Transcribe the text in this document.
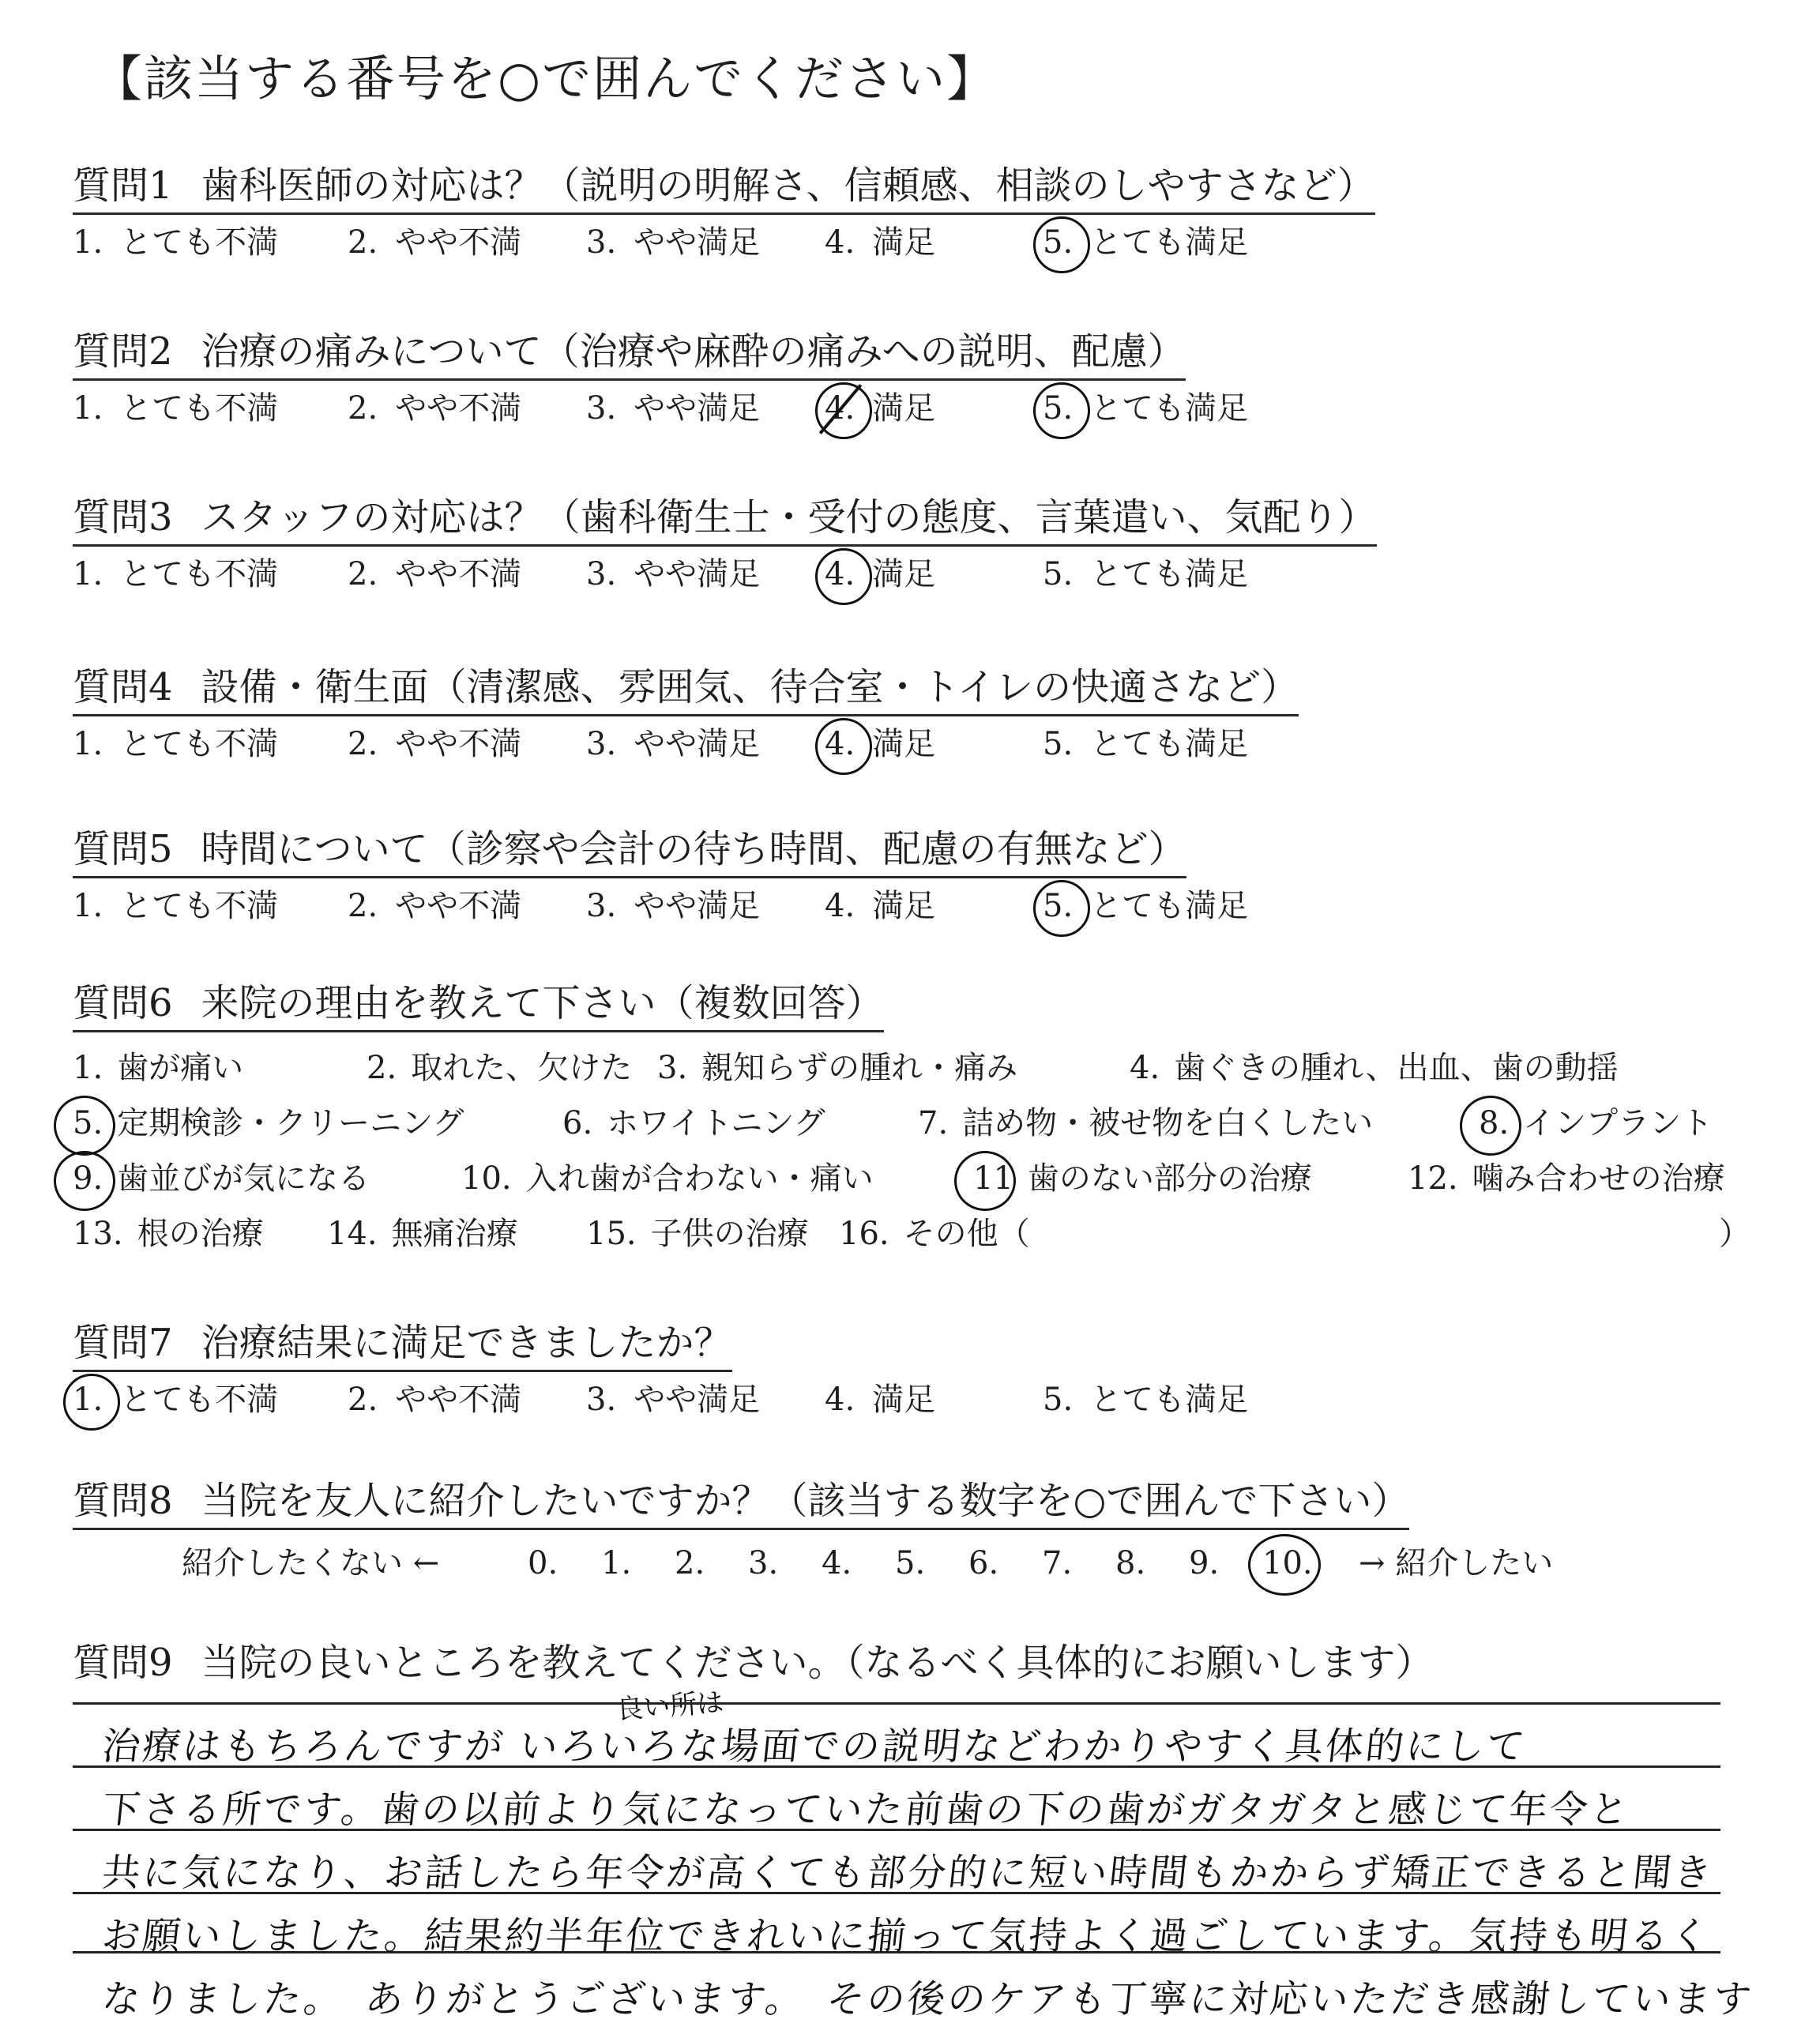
【該当する番号を○で囲んでください】
質問1 歯科医師の対応は？（説明の明解さ、信頼感、相談のしやすさなど）
1. とても不満 2. やや不満 3. やや満足 4. 満足	5. とても満足
質問2 治療の痛みについて（治療や麻酔の痛みへの説明、配慮）
1. とても不満 2. やや不満 3. やや満足 4. 満足	5. とても満足
質問3 スタッフの対応は？（歯科衛生士・受付の態度、言葉遣い、気配り）
1. とても不満 2. やや不満 3. やや満足 4. 満足	5. とても満足
質問4 設備・衛生面（清潔感、雰囲気、待合室・トイレの快適さなど）
1. とても不満 2. やや不満 3. やや満足 4. 満足	5. とても満足
質問5 時間について（診察や会計の待ち時間、配慮の有無など）
1. とても不満 2. やや不満 3. やや満足 4. 満足	5. とても満足
質問7 治療結果に満足できましたか？
1. とても不満 2. やや不満 3. やや満足 4. 満足	5. とても満足
質問6 来院の理由を教えて下さい（複数回答）
1. 歯が痛い	2. 取れた、欠けた 3. 親知らずの腫れ・痛み	4. 歯ぐきの腫れ、出血、歯の動揺
5. 定期検診・クリーニング	6. ホワイトニング	7. 詰め物・被せ物を白くしたい	8. インプラント
9. 歯並びが気になる	10. 入れ歯が合わない・痛い	11 歯のない部分の治療	12. 噛み合わせの治療
13. 根の治療 14. 無痛治療 15. 子供の治療 16. その他（	）
質問8 当院を友人に紹介したいですか？（該当する数字を○で囲んで下さい）
紹介したくない ←	0. 1. 2. 3. 4. 5. 6. 7. 8. 9. 10. → 紹介したい
質問9 当院の良いところを教えてください。（なるべく具体的にお願いします）
良い所は
治療はもちろんですが いろいろな場面での説明などわかりやすく具体的にして
下さる所です。歯の以前より気になっていた前歯の下の歯がガタガタと感じて年令と
共に気になり、お話したら年令が高くても部分的に短い時間もかからず矯正できると聞き
お願いしました。結果約半年位できれいに揃って気持よく過ごしています。気持も明るく
なりました。　ありがとうございます。　その後のケアも丁寧に対応いただき感謝しています
